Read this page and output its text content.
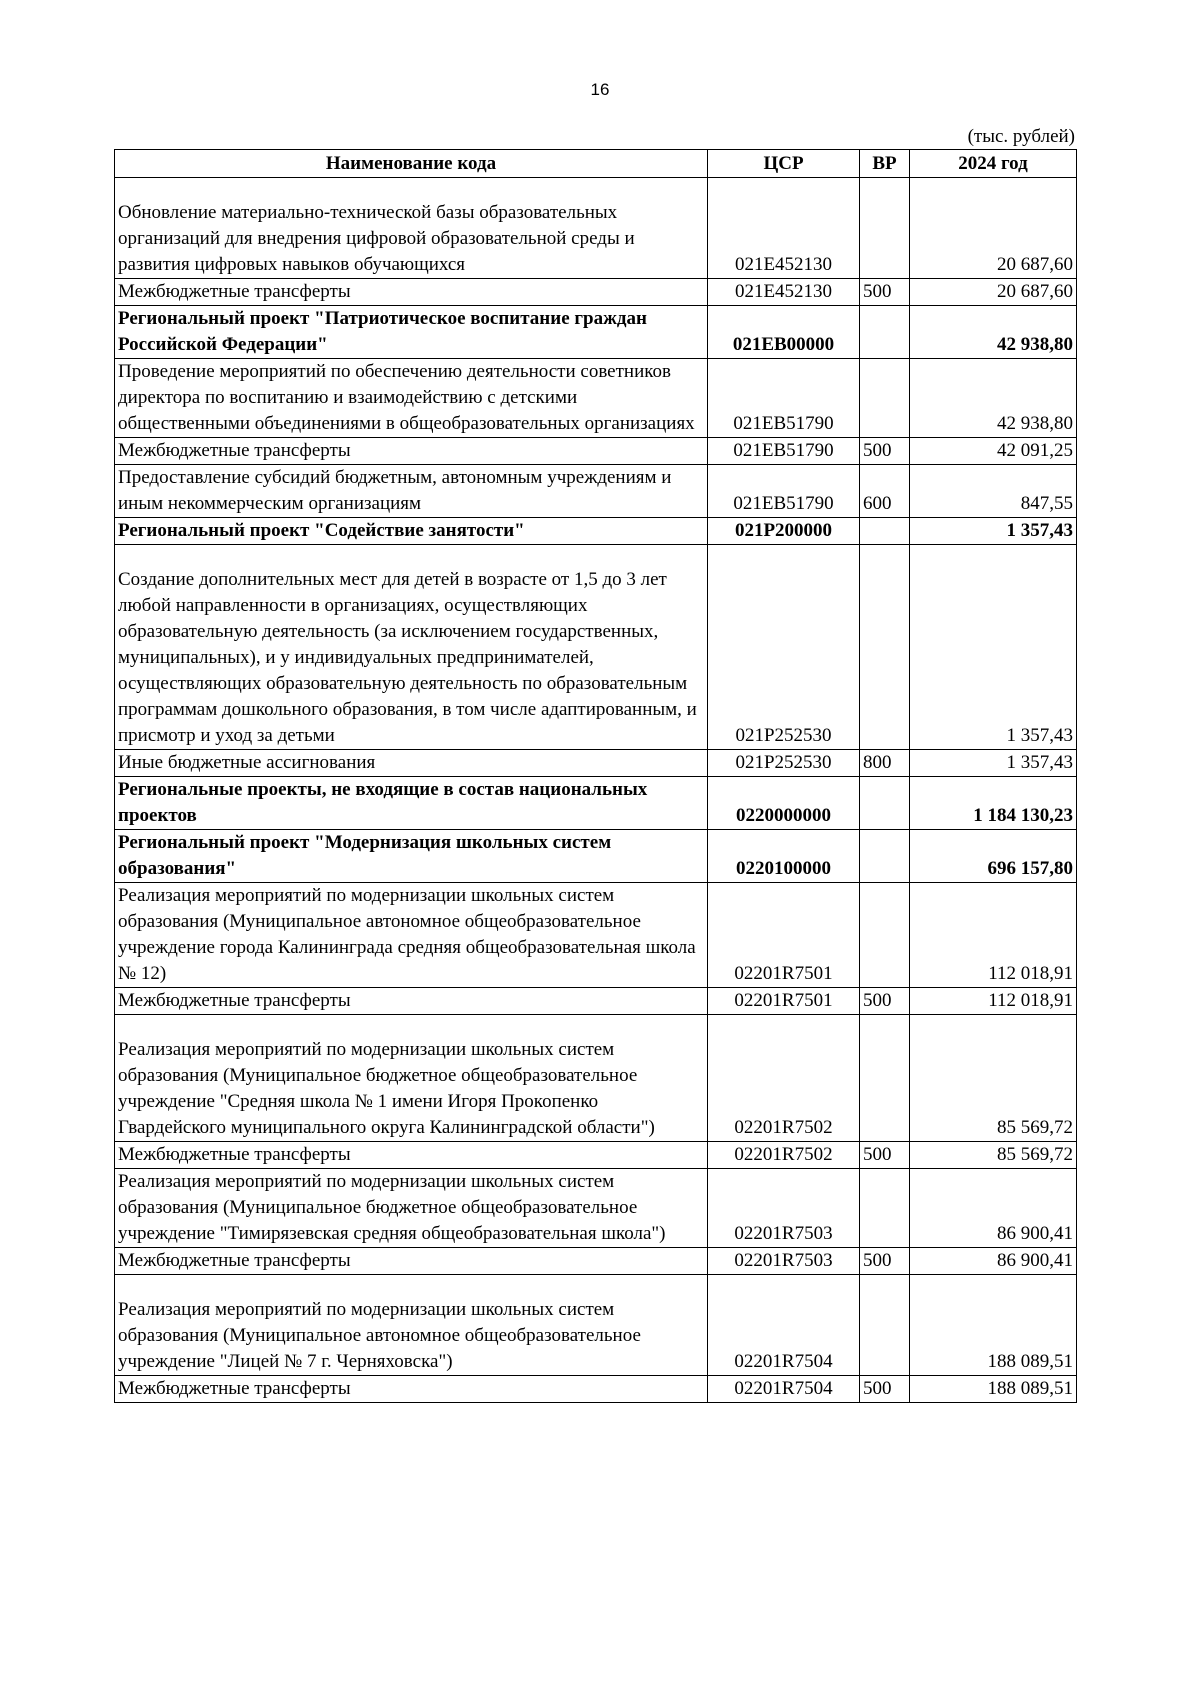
16
(тыс. рублей)
Наименование кода	ЦСР	ВР	2024 год
Обновление материально-технической базы образовательных организаций для внедрения цифровой образовательной среды и развития цифровых навыков обучающихся	021E452130		20 687,60
Межбюджетные трансферты	021E452130	500	20 687,60
Региональный проект "Патриотическое воспитание граждан Российской Федерации"	021EB00000		42 938,80
Проведение мероприятий по обеспечению деятельности советников директора по воспитанию и взаимодействию с детскими общественными объединениями в общеобразовательных организациях	021EB51790		42 938,80
Межбюджетные трансферты	021EB51790	500	42 091,25
Предоставление субсидий бюджетным, автономным учреждениям и иным некоммерческим организациям	021EB51790	600	847,55
Региональный проект "Содействие занятости"	021P200000		1 357,43
Создание дополнительных мест для детей в возрасте от 1,5 до 3 лет любой направленности в организациях, осуществляющих образовательную деятельность (за исключением государственных, муниципальных), и у индивидуальных предпринимателей, осуществляющих образовательную деятельность по образовательным программам дошкольного образования, в том числе адаптированным, и присмотр и уход за детьми	021P252530		1 357,43
Иные бюджетные ассигнования	021P252530	800	1 357,43
Региональные проекты, не входящие в состав национальных проектов	0220000000		1 184 130,23
Региональный проект "Модернизация школьных систем образования"	0220100000		696 157,80
Реализация мероприятий по модернизации школьных систем образования (Муниципальное автономное общеобразовательное учреждение города Калининграда средняя общеобразовательная школа № 12)	02201R7501		112 018,91
Межбюджетные трансферты	02201R7501	500	112 018,91
Реализация мероприятий по модернизации школьных систем образования (Муниципальное бюджетное общеобразовательное учреждение "Средняя школа № 1 имени Игоря Прокопенко Гвардейского муниципального округа Калининградской области")	02201R7502		85 569,72
Межбюджетные трансферты	02201R7502	500	85 569,72
Реализация мероприятий по модернизации школьных систем образования (Муниципальное бюджетное общеобразовательное учреждение "Тимирязевская средняя общеобразовательная школа")	02201R7503		86 900,41
Межбюджетные трансферты	02201R7503	500	86 900,41
Реализация мероприятий по модернизации школьных систем образования (Муниципальное автономное общеобразовательное учреждение "Лицей № 7 г. Черняховска")	02201R7504		188 089,51
Межбюджетные трансферты	02201R7504	500	188 089,51
